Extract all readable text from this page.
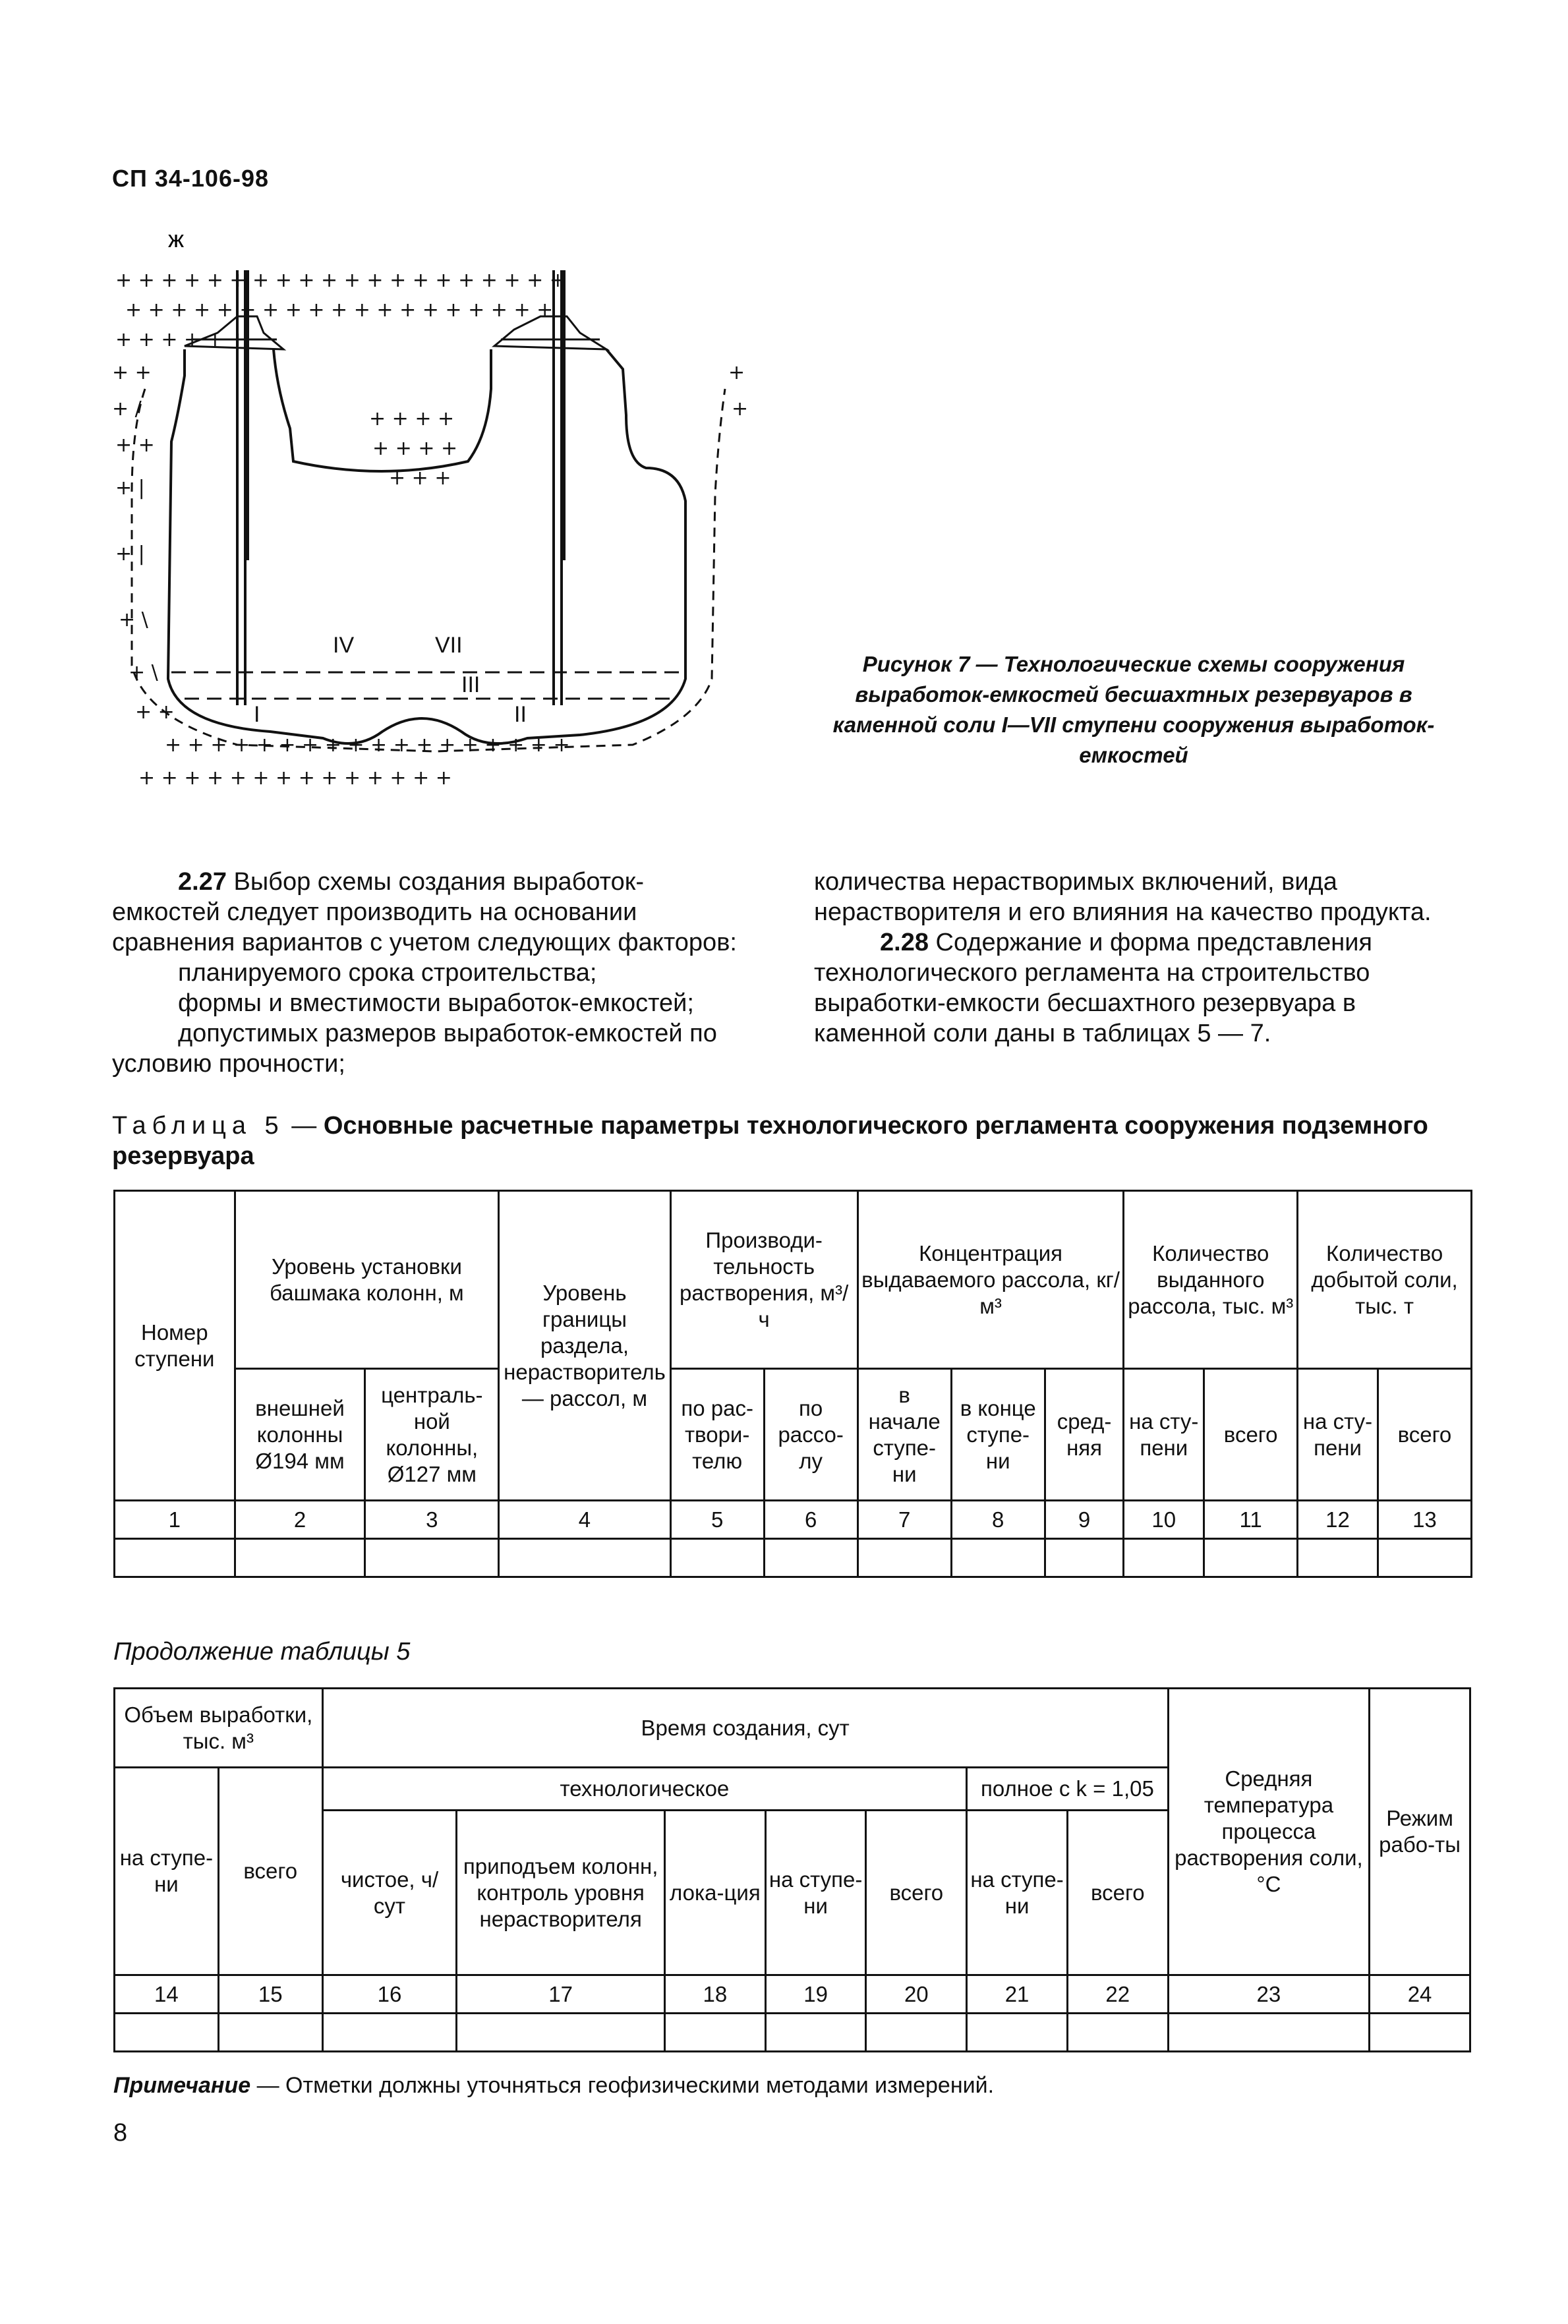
СП 34-106-98
ж
+ + + + + + + + + + + + + + + + + + + +
+ + + + + + + + + + + + + + + + + + +
+ + + + + +
+ +	+
+ /	+
+ +
+ |
+ |
+ \
+ \
+ +
+ + + + + + + + + + + + + + + + + +
+ + + + + + + + + + + + + +
+ + + +
+ + + +
+ + +
IV	VII
III
I	II
Рисунок 7 — Технологические схемы сооружения выработок-емкостей бесшахтных резервуаров в каменной соли I—VII ступени сооружения выработок-емкостей

2.27 Выбор схемы создания выработок-емкостей следует производить на основании сравнения вариантов с учетом следующих факторов:

планируемого срока строительства;

формы и вместимости выработок-емкостей;

допустимых размеров выработок-емкостей по условию прочности;

количества нерастворимых включений, вида нерастворителя и его влияния на качество продукта.

2.28 Содержание и форма представления технологического регламента на строительство выработки-емкости бесшахтного резервуара в каменной соли даны в таблицах 5 — 7.

Таблица 5 — Основные расчетные параметры технологического регламента сооружения подземного резервуара
Номер ступени	Уровень установки башмака колонн, м		Уровень границы раздела, нерастворитель — рассол, м	Производи-тельность растворения, м³/ч		Концентрация выдаваемого рассола, кг/м³			Количество выданного рассола, тыс. м³		Количество добытой соли, тыс. т	
	внешней колонны Ø194 мм	централь-ной колонны, Ø127 мм		по рас-твори-телю	по рассо-лу	в начале ступе-ни	в конце ступе-ни	сред-няя	на сту-пени	всего	на сту-пени	всего
1	2	3	4	5	6	7	8	9	10	11	12	13

Продолжение таблицы 5
Объем выработки, тыс. м³		Время создания, сут							Средняя температура процесса растворения соли, °С	Режим рабо-ты
на ступе-ни	всего	технологическое					полное с k = 1,05			
		чистое, ч/ сут	приподъем колонн, контроль уровня нерастворителя	лока-ция	на ступе-ни	всего	на ступе-ни	всего		
14	15	16	17	18	19	20	21	22	23	24

Примечание — Отметки должны уточняться геофизическими методами измерений.
8
